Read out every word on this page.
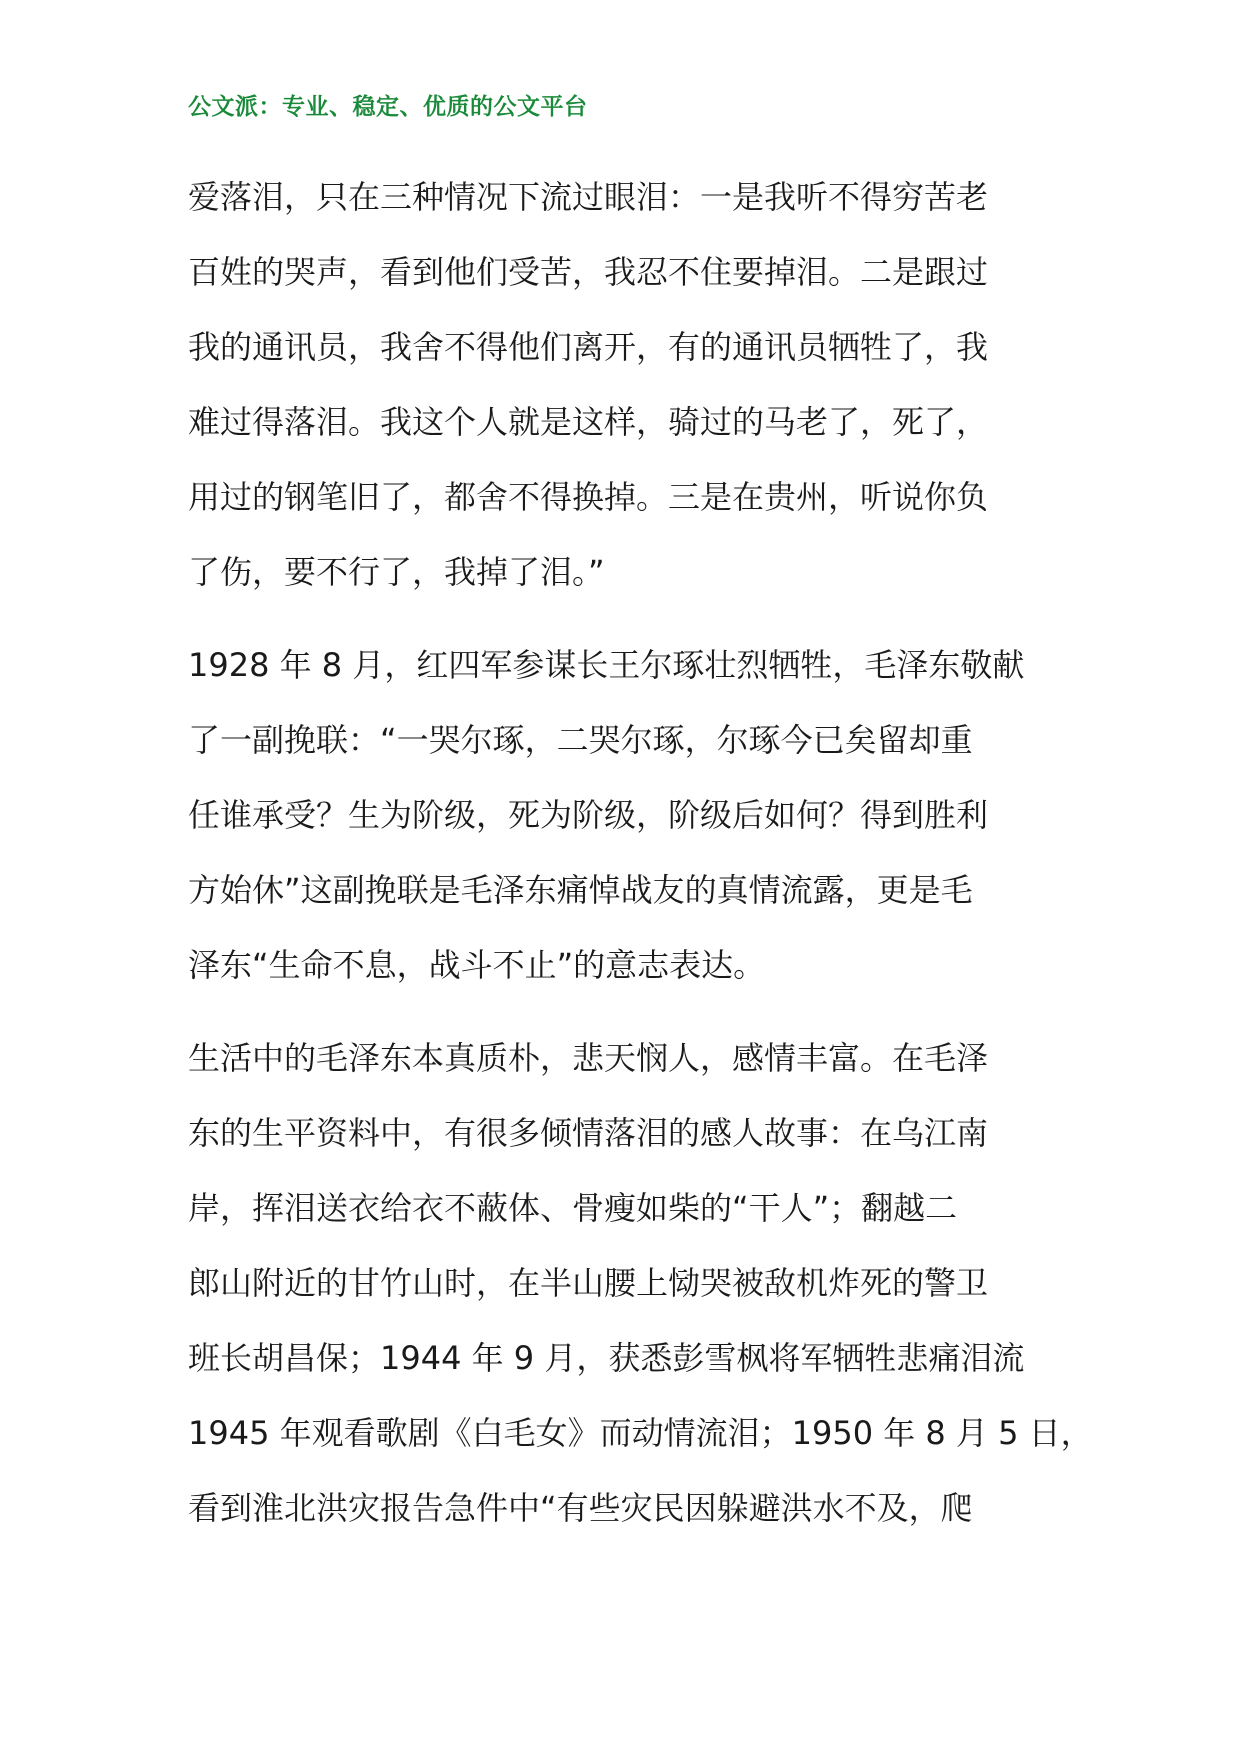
公文派：专业、稳定、优质的公文平台
爱落泪，只在三种情况下流过眼泪：一是我听不得穷苦老
百姓的哭声，看到他们受苦，我忍不住要掉泪。二是跟过
我的通讯员，我舍不得他们离开，有的通讯员牺牲了，我
难过得落泪。我这个人就是这样，骑过的马老了，死了，
用过的钢笔旧了，都舍不得换掉。三是在贵州，听说你负
了伤，要不行了，我掉了泪。”
1928 年 8 月，红四军参谋长王尔琢壮烈牺牲，毛泽东敬献
了一副挽联：“一哭尔琢，二哭尔琢，尔琢今已矣留却重
任谁承受？生为阶级，死为阶级，阶级后如何？得到胜利
方始休”这副挽联是毛泽东痛悼战友的真情流露，更是毛
泽东“生命不息，战斗不止”的意志表达。
生活中的毛泽东本真质朴，悲天悯人，感情丰富。在毛泽
东的生平资料中，有很多倾情落泪的感人故事：在乌江南
岸，挥泪送衣给衣不蔽体、骨瘦如柴的“干人”；翻越二
郎山附近的甘竹山时，在半山腰上恸哭被敌机炸死的警卫
班长胡昌保；1944 年 9 月，获悉彭雪枫将军牺牲悲痛泪流
1945 年观看歌剧《白毛女》而动情流泪；1950 年 8 月 5 日，
看到淮北洪灾报告急件中“有些灾民因躲避洪水不及，爬
